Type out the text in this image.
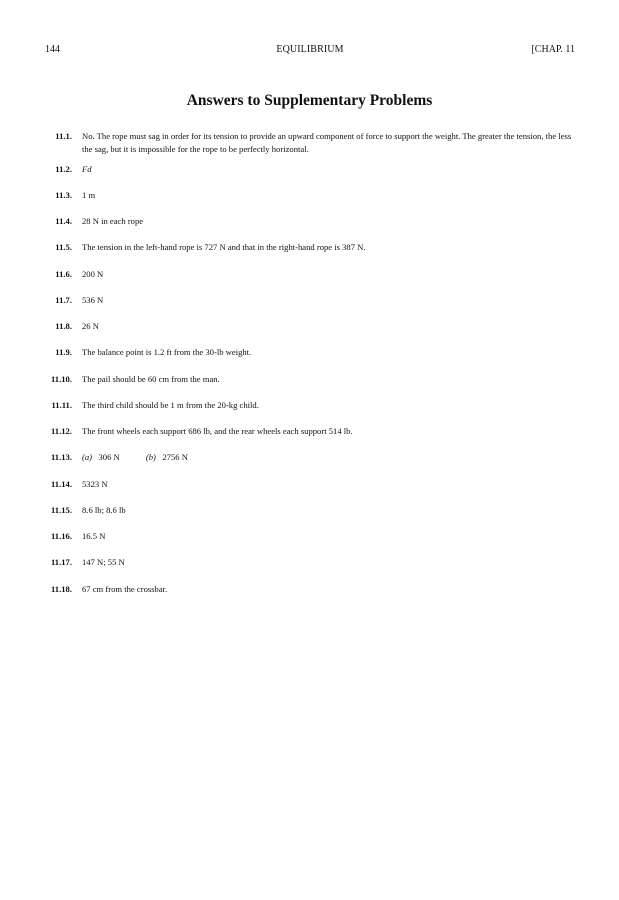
144	EQUILIBRIUM	[CHAP. 11
Answers to Supplementary Problems
11.1. No. The rope must sag in order for its tension to provide an upward component of force to support the weight. The greater the tension, the less the sag, but it is impossible for the rope to be perfectly horizontal.
11.2. Fd
11.3. 1 m
11.4. 28 N in each rope
11.5. The tension in the left-hand rope is 727 N and that in the right-hand rope is 387 N.
11.6. 200 N
11.7. 536 N
11.8. 26 N
11.9. The balance point is 1.2 ft from the 30-lb weight.
11.10. The pail should be 60 cm from the man.
11.11. The third child should be 1 m from the 20-kg child.
11.12. The front wheels each support 686 lb, and the rear wheels each support 514 lb.
11.13. (a) 306 N	(b) 2756 N
11.14. 5323 N
11.15. 8.6 lb; 8.6 lb
11.16. 16.5 N
11.17. 147 N; 55 N
11.18. 67 cm from the crossbar.
